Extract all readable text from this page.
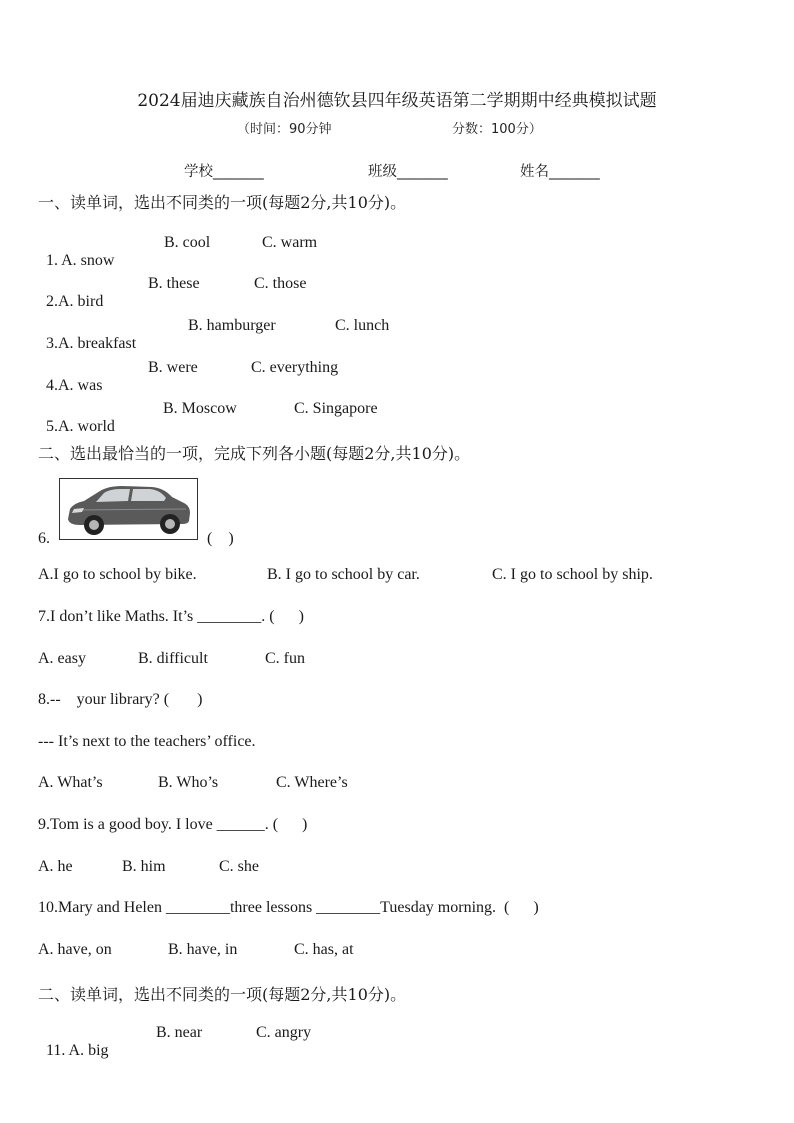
2024届迪庆藏族自治州德钦县四年级英语第二学期期中经典模拟试题
（时间：90分钟	分数：100分）
学校_______	班级_______	姓名_______
一、读单词，选出不同类的一项(每题2分,共10分)。

1. A. snow

B. cool	C. warm

2.A. bird

B. these	C. those

3.A. breakfast

B. hamburger	C. lunch

4.A. was

B. were	C. everything

5.A. world

B. Moscow	C. Singapore
二、选出最恰当的一项，完成下列各小题(每题2分,共10分)。
6.	(    )
A.I go to school by bike.	B. I go to school by car.	C. I go to school by ship.
7.I don’t like Maths. It’s ________. (      )
A. easy	B. difficult	C. fun
8.--    your library? (       )
--- It’s next to the teachers’ office.
A. What’s	B. Who’s	C. Where’s
9.Tom is a good boy. I love ______. (      )
A. he	B. him	C. she
10.Mary and Helen ________three lessons ________Tuesday morning.  (      )
A. have, on	B. have, in	C. has, at
二、读单词，选出不同类的一项(每题2分,共10分)。

11. A. big

B. near	C. angry
